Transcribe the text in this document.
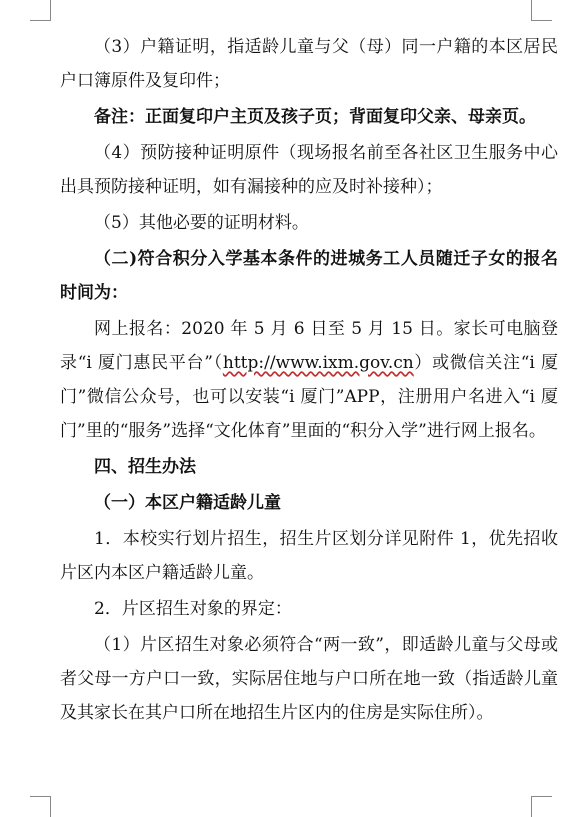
（3）户籍证明，指适龄儿童与父（母）同一户籍的本区居民户口簿原件及复印件；

备注：正面复印户主页及孩子页；背面复印父亲、母亲页。

（4）预防接种证明原件（现场报名前至各社区卫生服务中心出具预防接种证明，如有漏接种的应及时补接种）；

（5）其他必要的证明材料。

（二)符合积分入学基本条件的进城务工人员随迁子女的报名时间为：

网上报名：2020 年 5 月 6 日至 5 月 15 日。家长可电脑登录“i 厦门惠民平台”（http://www.ixm.gov.cn）或微信关注“i 厦门”微信公众号，也可以安装“i 厦门”APP，注册用户名进入“i 厦门”里的“服务”选择“文化体育”里面的“积分入学”进行网上报名。

四、招生办法

（一）本区户籍适龄儿童

1．本校实行划片招生，招生片区划分详见附件 1，优先招收片区内本区户籍适龄儿童。

2．片区招生对象的界定：

（1）片区招生对象必须符合“两一致”，即适龄儿童与父母或者父母一方户口一致，实际居住地与户口所在地一致（指适龄儿童及其家长在其户口所在地招生片区内的住房是实际住所）。
